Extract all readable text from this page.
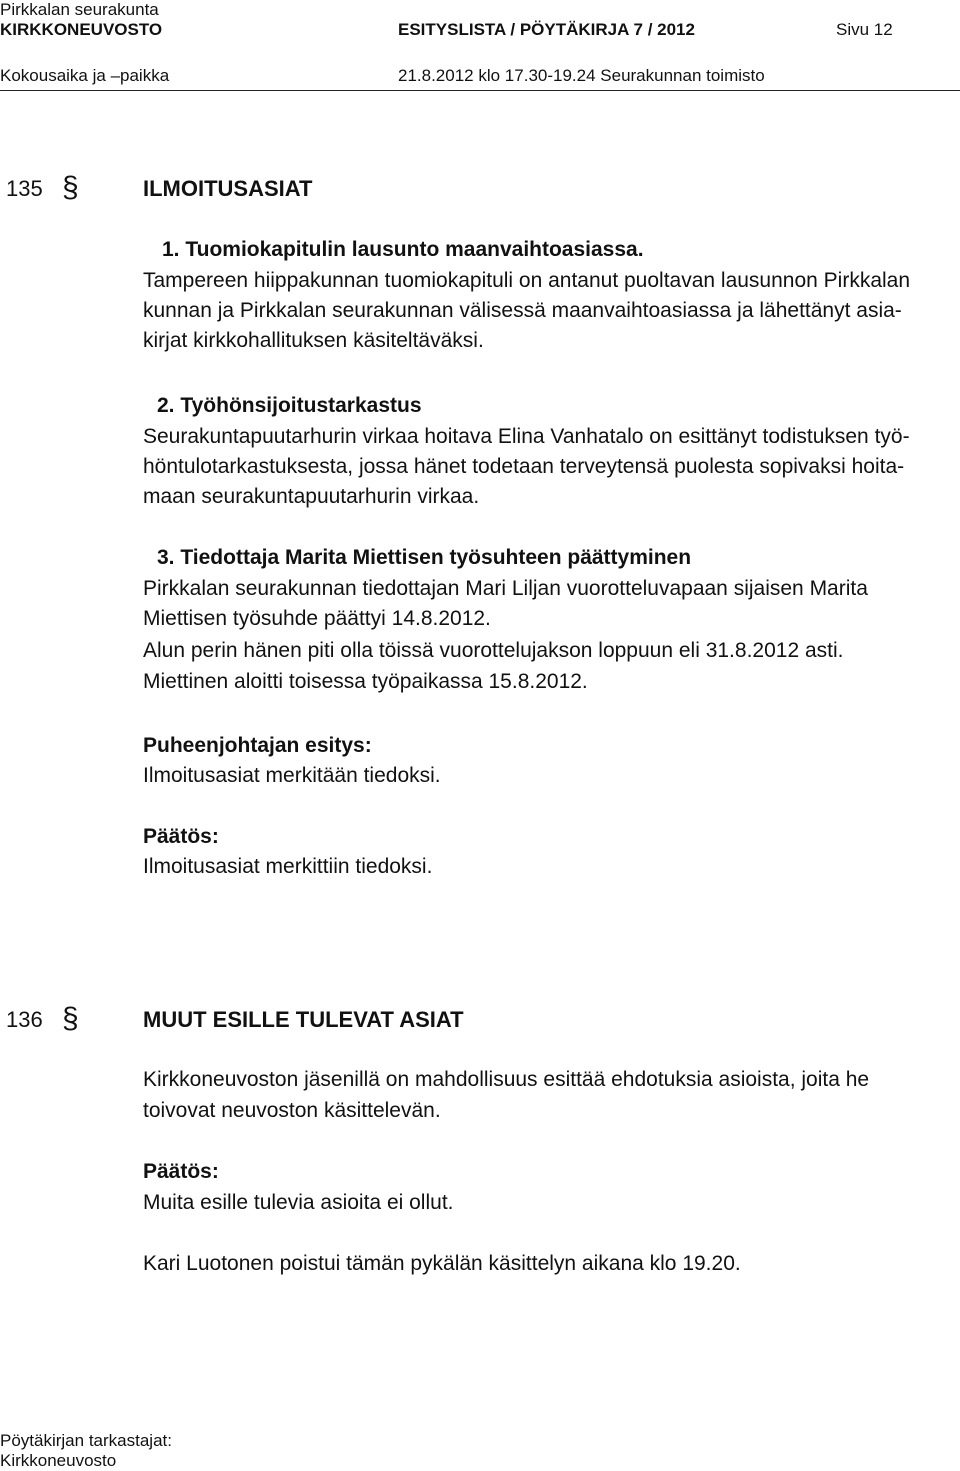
Pirkkalan seurakunta
KIRKKONEUVOSTO	ESITYSLISTA / PÖYTÄKIRJA 7 / 2012	Sivu 12
Kokousaika ja –paikka	21.8.2012 klo 17.30-19.24 Seurakunnan toimisto
135 §	ILMOITUSASIAT
1. Tuomiokapitulin lausunto maanvaihtoasiassa.
Tampereen hiippakunnan tuomiokapituli on antanut puoltavan lausunnon Pirkkalan
kunnan ja Pirkkalan seurakunnan välisessä maanvaihtoasiassa ja lähettänyt asia-
kirjat kirkkohallituksen käsiteltäväksi.
2. Työhönsijoitustarkastus
Seurakuntapuutarhurin virkaa hoitava Elina Vanhatalo on esittänyt todistuksen työ-
höntulotarkastuksesta, jossa hänet todetaan terveytensä puolesta sopivaksi hoita-
maan seurakuntapuutarhurin virkaa.
3. Tiedottaja Marita Miettisen työsuhteen päättyminen
Pirkkalan seurakunnan tiedottajan Mari Liljan vuorotteluvapaan sijaisen Marita
Miettisen työsuhde päättyi 14.8.2012.
Alun perin hänen piti olla töissä vuorottelujakson loppuun eli 31.8.2012 asti.
Miettinen aloitti toisessa työpaikassa 15.8.2012.
Puheenjohtajan esitys:
Ilmoitusasiat merkitään tiedoksi.
Päätös:
Ilmoitusasiat merkittiin tiedoksi.
136 §	MUUT ESILLE TULEVAT ASIAT
Kirkkoneuvoston jäsenillä on mahdollisuus esittää ehdotuksia asioista, joita he
toivovat neuvoston käsittelevän.
Päätös:
Muita esille tulevia asioita ei ollut.
Kari Luotonen poistui tämän pykälän käsittelyn aikana klo 19.20.
Pöytäkirjan tarkastajat:
Kirkkoneuvosto
